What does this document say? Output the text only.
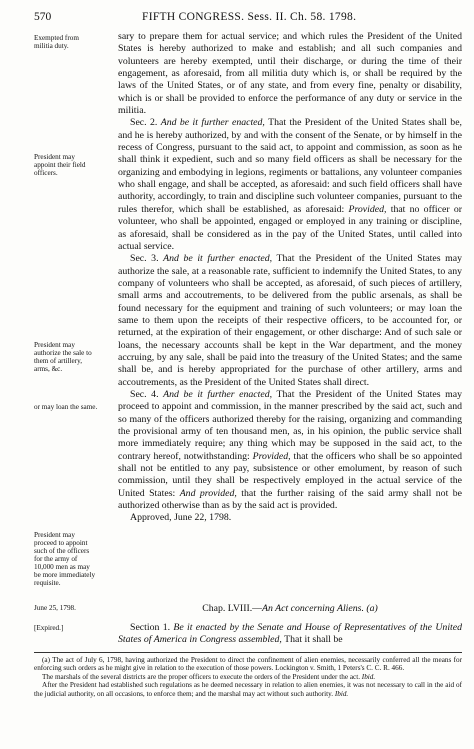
570	FIFTH CONGRESS. Sess. II. Ch. 58. 1798.
Exempted from militia duty.
President may appoint their field officers.
President may authorize the sale to them of artillery, arms, &c.
or may loan the same.
President may proceed to appoint such of the officers for the army of 10,000 men as may be more immediately requisite.
June 25, 1798.
[Expired.]

sary to prepare them for actual service; and which rules the President of the United States is hereby authorized to make and establish; and all such companies and volunteers are hereby exempted, until their discharge, or during the time of their engagement, as aforesaid, from all militia duty which is, or shall be required by the laws of the United States, or of any state, and from every fine, penalty or disability, which is or shall be provided to enforce the performance of any duty or service in the militia.

Sec. 2. And be it further enacted, That the President of the United States shall be, and he is hereby authorized, by and with the consent of the Senate, or by himself in the recess of Congress, pursuant to the said act, to appoint and commission, as soon as he shall think it expedient, such and so many field officers as shall be necessary for the organizing and embodying in legions, regiments or battalions, any volunteer companies who shall engage, and shall be accepted, as aforesaid: and such field officers shall have authority, accordingly, to train and discipline such volunteer companies, pursuant to the rules therefor, which shall be established, as aforesaid: Provided, that no officer or volunteer, who shall be appointed, engaged or employed in any training or discipline, as aforesaid, shall be considered as in the pay of the United States, until called into actual service.

Sec. 3. And be it further enacted, That the President of the United States may authorize the sale, at a reasonable rate, sufficient to indemnify the United States, to any company of volunteers who shall be accepted, as aforesaid, of such pieces of artillery, small arms and accoutrements, to be delivered from the public arsenals, as shall be found necessary for the equipment and training of such volunteers; or may loan the same to them upon the receipts of their respective officers, to be accounted for, or returned, at the expiration of their engagement, or other discharge: And of such sale or loans, the necessary accounts shall be kept in the War department, and the money accruing, by any sale, shall be paid into the treasury of the United States; and the same shall be, and is hereby appropriated for the purchase of other artillery, arms and accoutrements, as the President of the United States shall direct.

Sec. 4. And be it further enacted, That the President of the United States may proceed to appoint and commission, in the manner prescribed by the said act, such and so many of the officers authorized thereby for the raising, organizing and commanding the provisional army of ten thousand men, as, in his opinion, the public service shall more immediately require; any thing which may be supposed in the said act, to the contrary hereof, notwithstanding: Provided, that the officers who shall be so appointed shall not be entitled to any pay, subsistence or other emolument, by reason of such commission, until they shall be respectively employed in the actual service of the United States: And provided, that the further raising of the said army shall not be authorized otherwise than as by the said act is provided.

Approved, June 22, 1798.

Chap. LVIII.—An Act concerning Aliens. (a)

Section 1. Be it enacted by the Senate and House of Representatives of the United States of America in Congress assembled, That it shall be

(a) The act of July 6, 1798, having authorized the President to direct the confinement of alien enemies, necessarily conferred all the means for enforcing such orders as he might give in relation to the execution of those powers. Lockington v. Smith, 1 Peters's C. C. R. 466.

The marshals of the several districts are the proper officers to execute the orders of the President under the act. Ibid.

After the President had established such regulations as he deemed necessary in relation to alien enemies, it was not necessary to call in the aid of the judicial authority, on all occasions, to enforce them; and the marshal may act without such authority. Ibid.
